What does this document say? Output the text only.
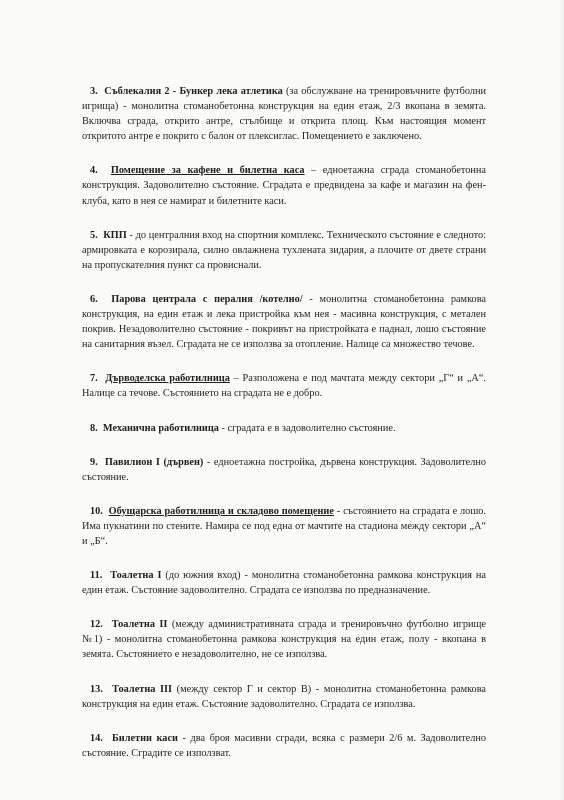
3. Съблекалия 2 - Бункер лека атлетика (за обслужване на тренировъчните футболни игрища) - монолитна стоманобетонна конструкция на един етаж, 2/3 вкопана в земята. Включва сграда, открито антре, стълбище и открита площ. Към настоящия момент откритото антре е покрито с балон от плексиглас. Помещението е заключено.

4. Помещение за кафене и билетна каса – едноетажна сграда стоманобетонна конструкция. Задоволително състояние. Сградата е предвидена за кафе и магазин на фен-клуба, като в нея се намират и билетните каси.

5. КПП - до централния вход на спортния комплекс. Техническото състояние е следното: армировката е корозирала, силно овлажнена тухлената зидария, а плочите от двете страни на пропускателния пункт са провиснали.

6. Парова централа с перaлня /котелно/ - монолитна стоманобетонна рамкова конструкция, на един етаж и лека пристройка към нея - масивна конструкция, с метален покрив. Незадоволително състояние - покривът на пристройката е паднал, лошо състояние на санитарния възел. Сградата не се използва за отопление. Налице са множество течове.

7. Дърводелска работилница – Разположена е под мачтата между сектори „Г“ и „А“. Налице са течове. Състоянието на сградата не е добро.

8. Механична работилница - сградата е в задоволително състояние.

9. Павилион I (дървен) - едноетажна постройка, дървена конструкция. Задоволително състояние.

10. Обущарска работилница и складово помещение - състоянието на сградата е лошо. Има пукнатини по стените. Намира се под една от мачтите на стадиона между сектори „А“ и „Б“.

11. Тоалетна I (до южния вход) - монолитна стомaнобетонна рамкова конструкция на един етаж. Състояние задоволително. Сградата се използва по предназначение.

12. Тоалетна II (между административната сграда и тренировъчно футболно игрище №1) - монолитна стоманобетонна рамкова конструкция на един етаж, полу - вкопана в земята. Състоянието е незадоволително, не се използва.

13. Тоалетна III (между сектор Г и сектор В) - монолитна стоманобетонна рамкова конструкция на един етаж. Състояние задоволително. Сградата се използва.

14. Билетни каси - два броя масивни сгради, всяка с размери 2/6 м. Задоволително състояние. Сградите се използват.
